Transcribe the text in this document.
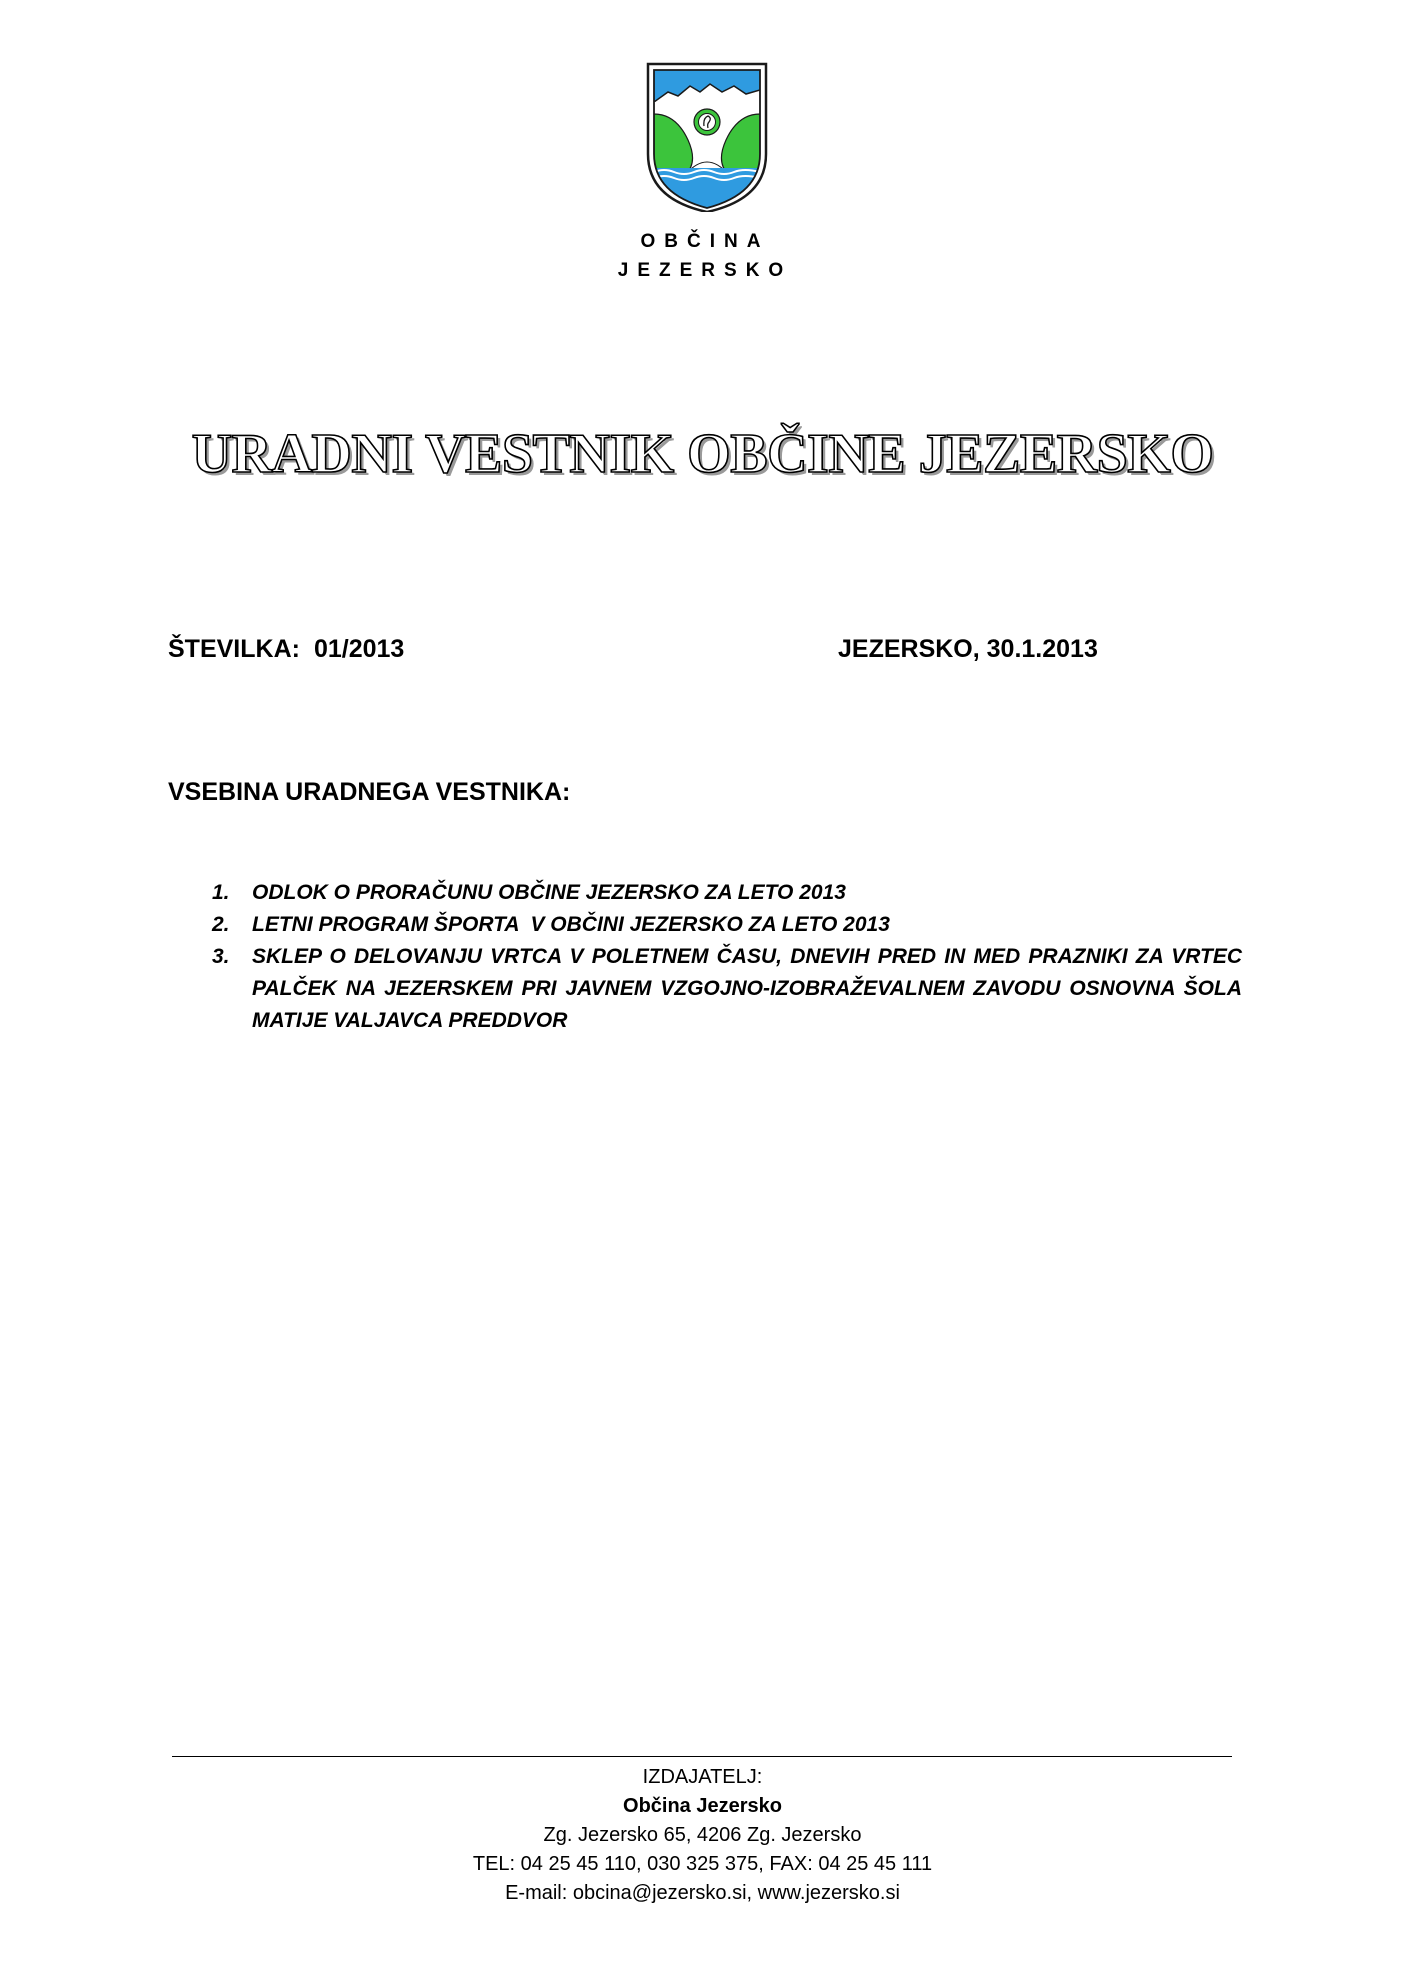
OBČINA
JEZERSKO
URADNI VESTNIK OBČINE JEZERSKO
ŠTEVILKA: 01/2013	JEZERSKO, 30.1.2013
VSEBINA URADNEGA VESTNIKA:
1.	ODLOK O PRORAČUNU OBČINE JEZERSKO ZA LETO 2013
2.	LETNI PROGRAM ŠPORTA  V OBČINI JEZERSKO ZA LETO 2013
3.	SKLEP O DELOVANJU VRTCA V POLETNEM ČASU, DNEVIH PRED IN MED PRAZNIKI ZA VRTEC PALČEK NA JEZERSKEM PRI JAVNEM VZGOJNO-IZOBRAŽEVALNEM ZAVODU OSNOVNA ŠOLA MATIJE VALJAVCA PREDDVOR
IZDAJATELJ:
Občina Jezersko
Zg. Jezersko 65, 4206 Zg. Jezersko
TEL: 04 25 45 110, 030 325 375, FAX: 04 25 45 111
E-mail: obcina@jezersko.si, www.jezersko.si
